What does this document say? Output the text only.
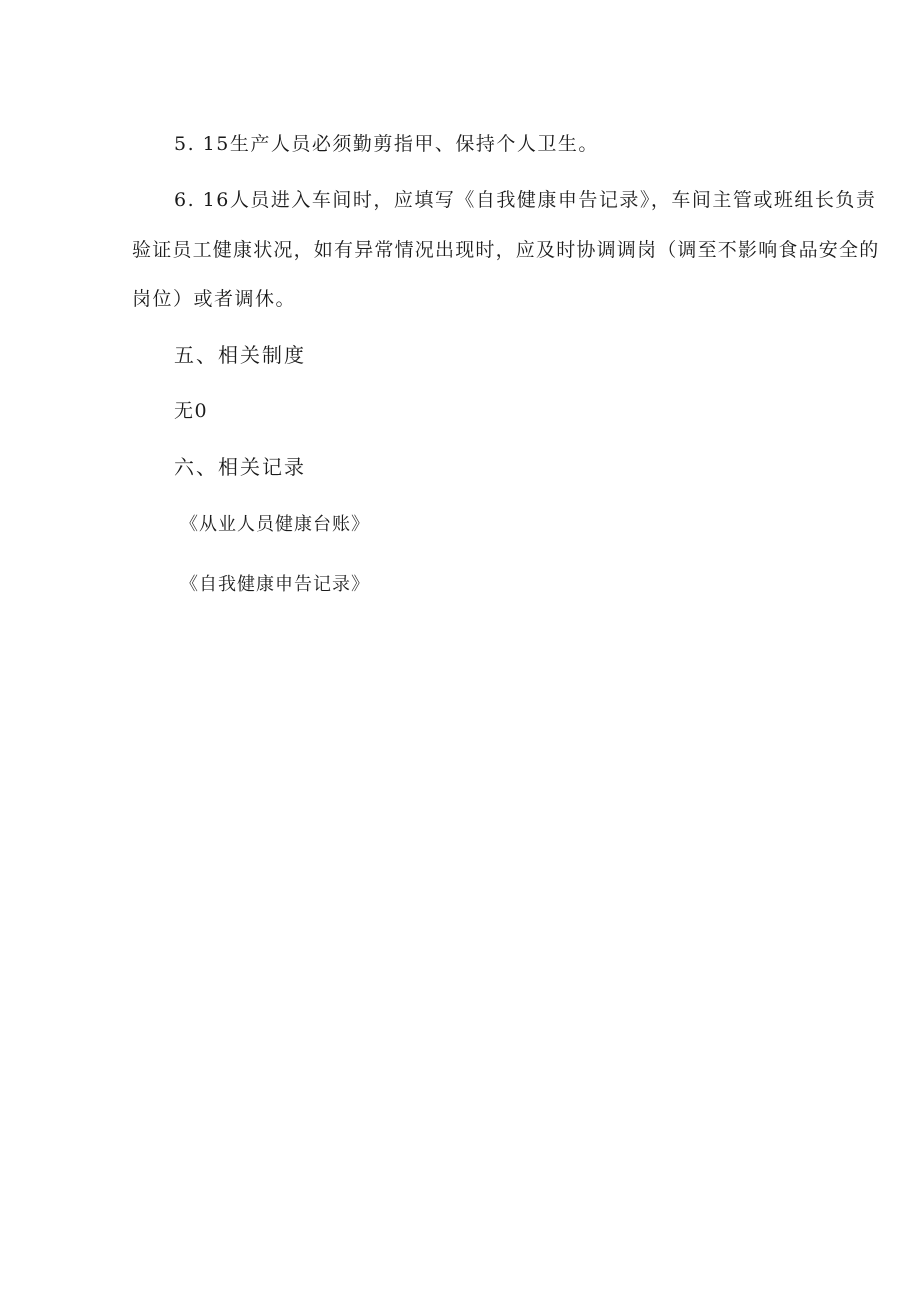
5. 15生产人员必须勤剪指甲、保持个人卫生。
6. 16人员进入车间时，应填写《自我健康申告记录》，车间主管或班组长负责
验证员工健康状况，如有异常情况出现时，应及时协调调岗（调至不影响食品安全的
岗位）或者调休。
五、相关制度
无0
六、相关记录
《从业人员健康台账》
《自我健康申告记录》
